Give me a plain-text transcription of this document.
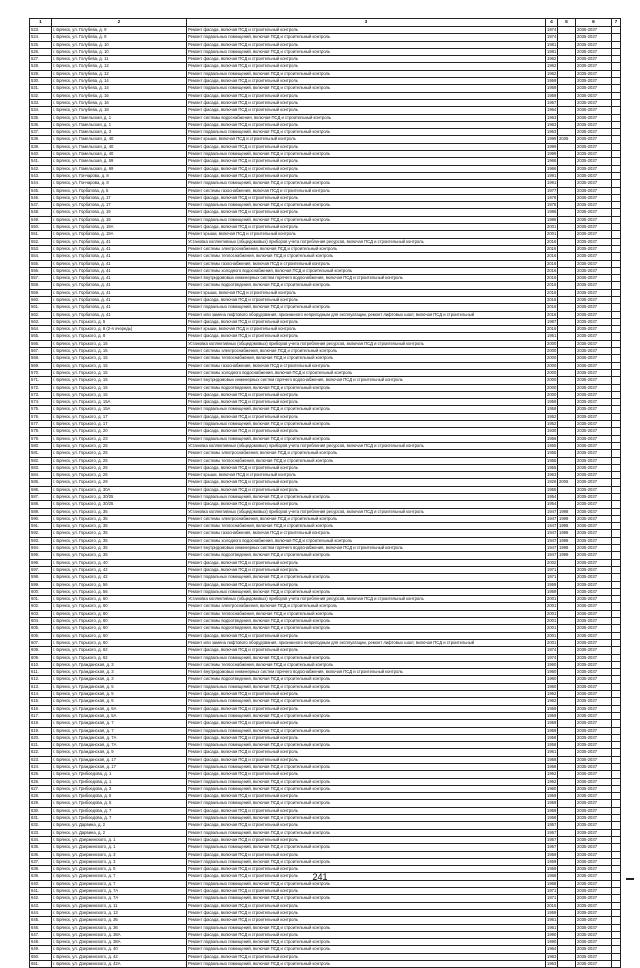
1	2	3	4	5	6	7
523.	г. Брянск, ул. Голубева, д. 9	Ремонт фасада, включая ПСД и строительный контроль	1974		2035-2037	
524.	г. Брянск, ул. Голубева, д. 9	Ремонт подвальных помещений, включая ПСД и строительный контроль	1974		2035-2037	
525.	г. Брянск, ул. Голубева, д. 10	Ремонт фасада, включая ПСД и строительный контроль	1981		2035-2037	
526.	г. Брянск, ул. Голубева, д. 10	Ремонт подвальных помещений, включая ПСД и строительный контроль	1981		2035-2037	
527.	г. Брянск, ул. Голубева, д. 11	Ремонт фасада, включая ПСД и строительный контроль	1962		2035-2037	
528.	г. Брянск, ул. Голубева, д. 12	Ремонт фасада, включая ПСД и строительный контроль	1962		2035-2037	
529.	г. Брянск, ул. Голубева, д. 12	Ремонт подвальных помещений, включая ПСД и строительный контроль	1962		2035-2037	
530.	г. Брянск, ул. Голубева, д. 14	Ремонт фасада, включая ПСД и строительный контроль	1959		2035-2037	
531.	г. Брянск, ул. Голубева, д. 14	Ремонт подвальных помещений, включая ПСД и строительный контроль	1959		2035-2037	
532.	г. Брянск, ул. Голубева, д. 16	Ремонт фасада, включая ПСД и строительный контроль	1959		2035-2037	
533.	г. Брянск, ул. Голубева, д. 16	Ремонт фасада, включая ПСД и строительный контроль	1957		2035-2037	
534.	г. Брянск, ул. Голубева, д. 18	Ремонт фасада, включая ПСД и строительный контроль	1964		2035-2037	
535.	г. Брянск, ул. Гомельская, д. 1	Ремонт системы водоснабжения, включая ПСД и строительный контроль	1963		2035-2037	
536.	г. Брянск, ул. Гомельская, д. 1	Ремонт фасада, включая ПСД и строительный контроль	1963		2035-2037	
537.	г. Брянск, ул. Гомельская, д. 3	Ремонт подвальных помещений, включая ПСД и строительный контроль	1963		2035-2037	
538.	г. Брянск, ул. Гомельская, д. 40	Ремонт крыши, включая ПСД и строительный контроль	1999	2035	2035-2037	
539.	г. Брянск, ул. Гомельская, д. 40	Ремонт фасада, включая ПСД и строительный контроль	1999		2035-2037	
540.	г. Брянск, ул. Гомельская, д. 40	Ремонт подвальных помещений, включая ПСД и строительный контроль	1999		2035-2037	
541.	г. Брянск, ул. Гомельская, д. 59	Ремонт фасада, включая ПСД и строительный контроль	1966		2035-2037	
542.	г. Брянск, ул. Гомельская, д. 69	Ремонт фасада, включая ПСД и строительный контроль	1966		2035-2037	
543.	г. Брянск, ул. Гончарова, д. 8	Ремонт фасада, включая ПСД и строительный контроль	1991		2035-2037	
544.	г. Брянск, ул. Гончарова, д. 8	Ремонт подвальных помещений, включая ПСД и строительный контроль	1991		2035-2037	
545.	г. Брянск, ул. Горбатова, д. 5	Ремонт системы газоснабжения, включая ПСД и строительный контроль	1977		2035-2037	
546.	г. Брянск, ул. Горбатова, д. 17	Ремонт фасада, включая ПСД и строительный контроль	1978		2035-2037	
547.	г. Брянск, ул. Горбатова, д. 17	Ремонт подвальных помещений, включая ПСД и строительный контроль	1978		2035-2037	
548.	г. Брянск, ул. Горбатова, д. 19	Ремонт фасада, включая ПСД и строительный контроль	1986		2035-2037	
549.	г. Брянск, ул. Горбатова, д. 19	Ремонт подвальных помещений, включая ПСД и строительный контроль	1986		2035-2037	
550.	г. Брянск, ул. Горбатова, д. 19А	Ремонт фасада, включая ПСД и строительный контроль	2001		2035-2037	
551.	г. Брянск, ул. Горбатова, д. 19А	Ремонт крыши, включая ПСД и строительный контроль	2001		2035-2037	
552.	г. Брянск, ул. Горбатова, д. 41	Установка коллективных (общедомовых) приборов учета потребления ресурсов, включая ПСД и строительный контроль	2016		2035-2037	
553.	г. Брянск, ул. Горбатова, д. 41	Ремонт системы электроснабжения, включая ПСД и строительный контроль	2016		2035-2037	
554.	г. Брянск, ул. Горбатова, д. 41	Ремонт системы теплоснабжения, включая ПСД и строительный контроль	2016		2035-2037	
555.	г. Брянск, ул. Горбатова, д. 41	Ремонт системы газоснабжения, включая ПСД и строительный контроль	2016		2035-2037	
556.	г. Брянск, ул. Горбатова, д. 41	Ремонт системы холодного водоснабжения, включая ПСД и строительный контроль	2016		2035-2037	
557.	г. Брянск, ул. Горбатова, д. 41	Ремонт внутридомовых инженерных систем горячего водоснабжения, включая ПСД и строительный контроль	2016		2035-2037	
558.	г. Брянск, ул. Горбатова, д. 41	Ремонт системы водоотведения, включая ПСД и строительный контроль	2016		2035-2037	
559.	г. Брянск, ул. Горбатова, д. 41	Ремонт крыши, включая ПСД и строительный контроль	2016		2035-2037	
560.	г. Брянск, ул. Горбатова, д. 41	Ремонт фасада, включая ПСД и строительный контроль	2016		2035-2037	
561.	г. Брянск, ул. Горбатова, д. 41	Ремонт подвальных помещений, включая ПСД и строительный контроль	2016		2035-2037	
562.	г. Брянск, ул. Горбатова, д. 41	Ремонт или замена лифтового оборудования, признанного непригодным для эксплуатации, ремонт лифтовых шахт, включая ПСД и строительный	2016		2035-2037	
563.	г. Брянск, ул. Горького, д. 5	Ремонт фасада, включая ПСД и строительный контроль	1987		2035-2037	
564.	г. Брянск, ул. Горького, д. 8 (2-я очередь)	Ремонт крыши, включая ПСД и строительный контроль	2016		2035-2037	
565.	г. Брянск, ул. Горького, д. 8	Ремонт фасада, включая ПСД и строительный контроль	1951		2035-2037	
566.	г. Брянск, ул. Горького, д. 15	Установка коллективных (общедомовых) приборов учета потребления ресурсов, включая ПСД и строительный контроль	2000		2035-2037	
567.	г. Брянск, ул. Горького, д. 15	Ремонт системы электроснабжения, включая ПСД и строительный контроль	2000		2035-2037	
568.	г. Брянск, ул. Горького, д. 15	Ремонт системы теплоснабжения, включая ПСД и строительный контроль	2000		2035-2037	
569.	г. Брянск, ул. Горького, д. 15	Ремонт системы газоснабжения, включая ПСД и строительный контроль	2000		2035-2037	
570.	г. Брянск, ул. Горького, д. 15	Ремонт системы холодного водоснабжения, включая ПСД и строительный контроль	2000		2035-2037	
571.	г. Брянск, ул. Горького, д. 15	Ремонт внутридомовых инженерных систем горячего водоснабжения, включая ПСД и строительный контроль	2000		2035-2037	
572.	г. Брянск, ул. Горького, д. 15	Ремонт системы водоотведения, включая ПСД и строительный контроль	2000		2035-2037	
573.	г. Брянск, ул. Горького, д. 15	Ремонт фасада, включая ПСД и строительный контроль	2000		2035-2037	
574.	г. Брянск, ул. Горького, д. 15А	Ремонт фасада, включая ПСД и строительный контроль	1959		2035-2037	
575.	г. Брянск, ул. Горького, д. 15А	Ремонт подвальных помещений, включая ПСД и строительный контроль	1959		2035-2037	
576.	г. Брянск, ул. Горького, д. 17	Ремонт фасада, включая ПСД и строительный контроль	1952		2035-2037	
577.	г. Брянск, ул. Горького, д. 17	Ремонт подвальных помещений, включая ПСД и строительный контроль	1952		2035-2037	
578.	г. Брянск, ул. Горького, д. 20	Ремонт фасада, включая ПСД и строительный контроль	1930		2035-2037	
579.	г. Брянск, ул. Горького, д. 23	Ремонт подвальных помещений, включая ПСД и строительный контроль	1956		2035-2037	
580.	г. Брянск, ул. Горького, д. 25	Установка коллективных (общедомовых) приборов учета потребления ресурсов, включая ПСД и строительный контроль	1955		2035-2037	
581.	г. Брянск, ул. Горького, д. 25	Ремонт системы электроснабжения, включая ПСД и строительный контроль	1955		2035-2037	
582.	г. Брянск, ул. Горького, д. 25	Ремонт системы теплоснабжения, включая ПСД и строительный контроль	1955		2035-2037	
583.	г. Брянск, ул. Горького, д. 25	Ремонт фасада, включая ПСД и строительный контроль	1955		2035-2037	
584.	г. Брянск, ул. Горького, д. 26	Ремонт крыши, включая ПСД и строительный контроль	1963		2035-2037	
585.	г. Брянск, ул. Горького, д. 29	Ремонт фасада, включая ПСД и строительный контроль	1926	2006	2035-2037	
586.	г. Брянск, ул. Горького, д. 30А	Ремонт фасада, включая ПСД и строительный контроль	1955		2035-2037	
587.	г. Брянск, ул. Горького, д. 30/25	Ремонт подвальных помещений, включая ПСД и строительный контроль	1954		2035-2037	
588.	г. Брянск, ул. Горького, д. 30/25	Ремонт фасада, включая ПСД и строительный контроль	1954		2035-2037	
589.	г. Брянск, ул. Горького, д. 35	Установка коллективных (общедомовых) приборов учета потребления ресурсов, включая ПСД и строительный контроль	1947	1998	2035-2037	
590.	г. Брянск, ул. Горького, д. 35	Ремонт системы электроснабжения, включая ПСД и строительный контроль	1947	1998	2035-2037	
591.	г. Брянск, ул. Горького, д. 35	Ремонт системы теплоснабжения, включая ПСД и строительный контроль	1947	1998	2035-2037	
592.	г. Брянск, ул. Горького, д. 35	Ремонт системы газоснабжения, включая ПСД и строительный контроль	1947	1998	2035-2037	
593.	г. Брянск, ул. Горького, д. 35	Ремонт системы холодного водоснабжения, включая ПСД и строительный контроль	1947	1998	2035-2037	
594.	г. Брянск, ул. Горького, д. 35	Ремонт внутридомовых инженерных систем горячего водоснабжения, включая ПСД и строительный контроль	1947	1998	2035-2037	
595.	г. Брянск, ул. Горького, д. 35	Ремонт системы водоотведения, включая ПСД и строительный контроль	1947	1998	2035-2037	
596.	г. Брянск, ул. Горького, д. 40	Ремонт фасада, включая ПСД и строительный контроль	2002		2035-2037	
597.	г. Брянск, ул. Горького, д. 42	Ремонт фасада, включая ПСД и строительный контроль	1971		2035-2037	
598.	г. Брянск, ул. Горького, д. 42	Ремонт подвальных помещений, включая ПСД и строительный контроль	1971		2035-2037	
599.	г. Брянск, ул. Горького, д. 56	Ремонт фасада, включая ПСД и строительный контроль	1959		2035-2037	
600.	г. Брянск, ул. Горького, д. 56	Ремонт подвальных помещений, включая ПСД и строительный контроль	1959		2035-2037	
601.	г. Брянск, ул. Горького, д. 60	Установка коллективных (общедомовых) приборов учета потребления ресурсов, включая ПСД и строительный контроль	2001		2035-2037	
602.	г. Брянск, ул. Горького, д. 60	Ремонт системы электроснабжения, включая ПСД и строительный контроль	2001		2035-2037	
603.	г. Брянск, ул. Горького, д. 60	Ремонт системы теплоснабжения, включая ПСД и строительный контроль	2001		2035-2037	
604.	г. Брянск, ул. Горького, д. 60	Ремонт системы водоотведения, включая ПСД и строительный контроль	2001		2035-2037	
605.	г. Брянск, ул. Горького, д. 60	Ремонт системы водоотведения, включая ПСД и строительный контроль	2001		2035-2037	
606.	г. Брянск, ул. Горького, д. 60	Ремонт фасада, включая ПСД и строительный контроль	2001		2035-2037	
607.	г. Брянск, ул. Горького, д. 60	Ремонт или замена лифтового оборудования, признанного непригодным для эксплуатации, ремонт лифтовых шахт, включая ПСД и строительный	2001		2035-2037	
608.	г. Брянск, ул. Горького, д. 62	Ремонт фасада, включая ПСД и строительный контроль	1974		2035-2037	
609.	г. Брянск, ул. Горького, д. 62	Ремонт подвальных помещений, включая ПСД и строительный контроль	1974		2035-2037	
610.	г. Брянск, ул. Гражданская, д. 3	Ремонт системы теплоснабжения, включая ПСД и строительный контроль	1960		2035-2037	
611.	г. Брянск, ул. Гражданская, д. 3	Ремонт внутридомовых инженерных систем горячего водоснабжения, включая ПСД и строительный контроль	1960		2035-2037	
612.	г. Брянск, ул. Гражданская, д. 3	Ремонт системы водоотведения, включая ПСД и строительный контроль	1960		2035-2037	
613.	г. Брянск, ул. Гражданская, д. 5	Ремонт подвальных помещений, включая ПСД и строительный контроль	1960		2035-2037	
614.	г. Брянск, ул. Гражданская, д. 5	Ремонт фасада, включая ПСД и строительный контроль	1962		2035-2037	
615.	г. Брянск, ул. Гражданская, д. 5	Ремонт подвальных помещений, включая ПСД и строительный контроль	1962		2035-2037	
616.	г. Брянск, ул. Гражданская, д. 5А	Ремонт фасада, включая ПСД и строительный контроль	1959		2035-2037	
617.	г. Брянск, ул. Гражданская, д. 5А	Ремонт подвальных помещений, включая ПСД и строительный контроль	1959		2035-2037	
618.	г. Брянск, ул. Гражданская, д. 7	Ремонт фасада, включая ПСД и строительный контроль	1959		2035-2037	
619.	г. Брянск, ул. Гражданская, д. 7	Ремонт подвальных помещений, включая ПСД и строительный контроль	1959		2035-2037	
620.	г. Брянск, ул. Гражданская, д. 7А	Ремонт фасада, включая ПСД и строительный контроль	1958		2035-2037	
621.	г. Брянск, ул. Гражданская, д. 7А	Ремонт подвальных помещений, включая ПСД и строительный контроль	1958		2035-2037	
622.	г. Брянск, ул. Гражданская, д. 9	Ремонт фасада, включая ПСД и строительный контроль	1961		2035-2037	
623.	г. Брянск, ул. Гражданская, д. 17	Ремонт фасада, включая ПСД и строительный контроль	1958		2035-2037	
624.	г. Брянск, ул. Гражданская, д. 17	Ремонт подвальных помещений, включая ПСД и строительный контроль	1958		2035-2037	
625.	г. Брянск, ул. Грибоедова, д. 1	Ремонт фасада, включая ПСД и строительный контроль	1962		2035-2037	
626.	г. Брянск, ул. Грибоедова, д. 1	Ремонт подвальных помещений, включая ПСД и строительный контроль	1962		2035-2037	
627.	г. Брянск, ул. Грибоедова, д. 3	Ремонт подвальных помещений, включая ПСД и строительный контроль	1960		2035-2037	
628.	г. Брянск, ул. Грибоедова, д. 5	Ремонт фасада, включая ПСД и строительный контроль	1959		2035-2037	
629.	г. Брянск, ул. Грибоедова, д. 5	Ремонт подвальных помещений, включая ПСД и строительный контроль	1959		2035-2037	
630.	г. Брянск, ул. Грибоедова, д. 7	Ремонт фасада, включая ПСД и строительный контроль	1959		2035-2037	
631.	г. Брянск, ул. Грибоедова, д. 7	Ремонт подвальных помещений, включая ПСД и строительный контроль	1959		2035-2037	
632.	г. Брянск, ул. Дарвина, д. 2	Ремонт фасада, включая ПСД и строительный контроль	1957		2035-2037	
633.	г. Брянск, ул. Дарвина, д. 2	Ремонт подвальных помещений, включая ПСД и строительный контроль	1957		2035-2037	
634.	г. Брянск, ул. Дзержинского, д. 1	Ремонт фасада, включая ПСД и строительный контроль	1957		2035-2037	
635.	г. Брянск, ул. Дзержинского, д. 1	Ремонт подвальных помещений, включая ПСД и строительный контроль	1957		2035-2037	
636.	г. Брянск, ул. Дзержинского, д. 3	Ремонт фасада, включая ПСД и строительный контроль	1959		2035-2037	
637.	г. Брянск, ул. Дзержинского, д. 3	Ремонт подвальных помещений, включая ПСД и строительный контроль	1959		2035-2037	
638.	г. Брянск, ул. Дзержинского, д. 5	Ремонт фасада, включая ПСД и строительный контроль	1959		2035-2037	
639.	г. Брянск, ул. Дзержинского, д. 7	Ремонт фасада, включая ПСД и строительный контроль	1968		2035-2037	
640.	г. Брянск, ул. Дзержинского, д. 7	Ремонт подвальных помещений, включая ПСД и строительный контроль	1968		2035-2037	
641.	г. Брянск, ул. Дзержинского, д. 7А	Ремонт фасада, включая ПСД и строительный контроль	1971		2035-2037	
642.	г. Брянск, ул. Дзержинского, д. 7А	Ремонт подвальных помещений, включая ПСД и строительный контроль	1971		2035-2037	
643.	г. Брянск, ул. Дзержинского, д. 11	Ремонт фасада, включая ПСД и строительный контроль	2015		2035-2037	
644.	г. Брянск, ул. Дзержинского, д. 13	Ремонт фасада, включая ПСД и строительный контроль	1959		2035-2037	
645.	г. Брянск, ул. Дзержинского, д. 36	Ремонт фасада, включая ПСД и строительный контроль	1961		2035-2037	
646.	г. Брянск, ул. Дзержинского, д. 36	Ремонт подвальных помещений, включая ПСД и строительный контроль	1961		2035-2037	
647.	г. Брянск, ул. Дзержинского, д. 38А	Ремонт фасада, включая ПСД и строительный контроль	1990		2035-2037	
648.	г. Брянск, ул. Дзержинского, д. 38А	Ремонт подвальных помещений, включая ПСД и строительный контроль	1990		2035-2037	
649.	г. Брянск, ул. Дзержинского, д. 40	Ремонт подвальных помещений, включая ПСД и строительный контроль	1964		2035-2037	
650.	г. Брянск, ул. Дзержинского, д. 42	Ремонт фасада, включая ПСД и строительный контроль	1963		2035-2037	
651.	г. Брянск, ул. Дзержинского, д. 42А	Ремонт подвальных помещений, включая ПСД и строительный контроль	1963		2035-2037	
241
